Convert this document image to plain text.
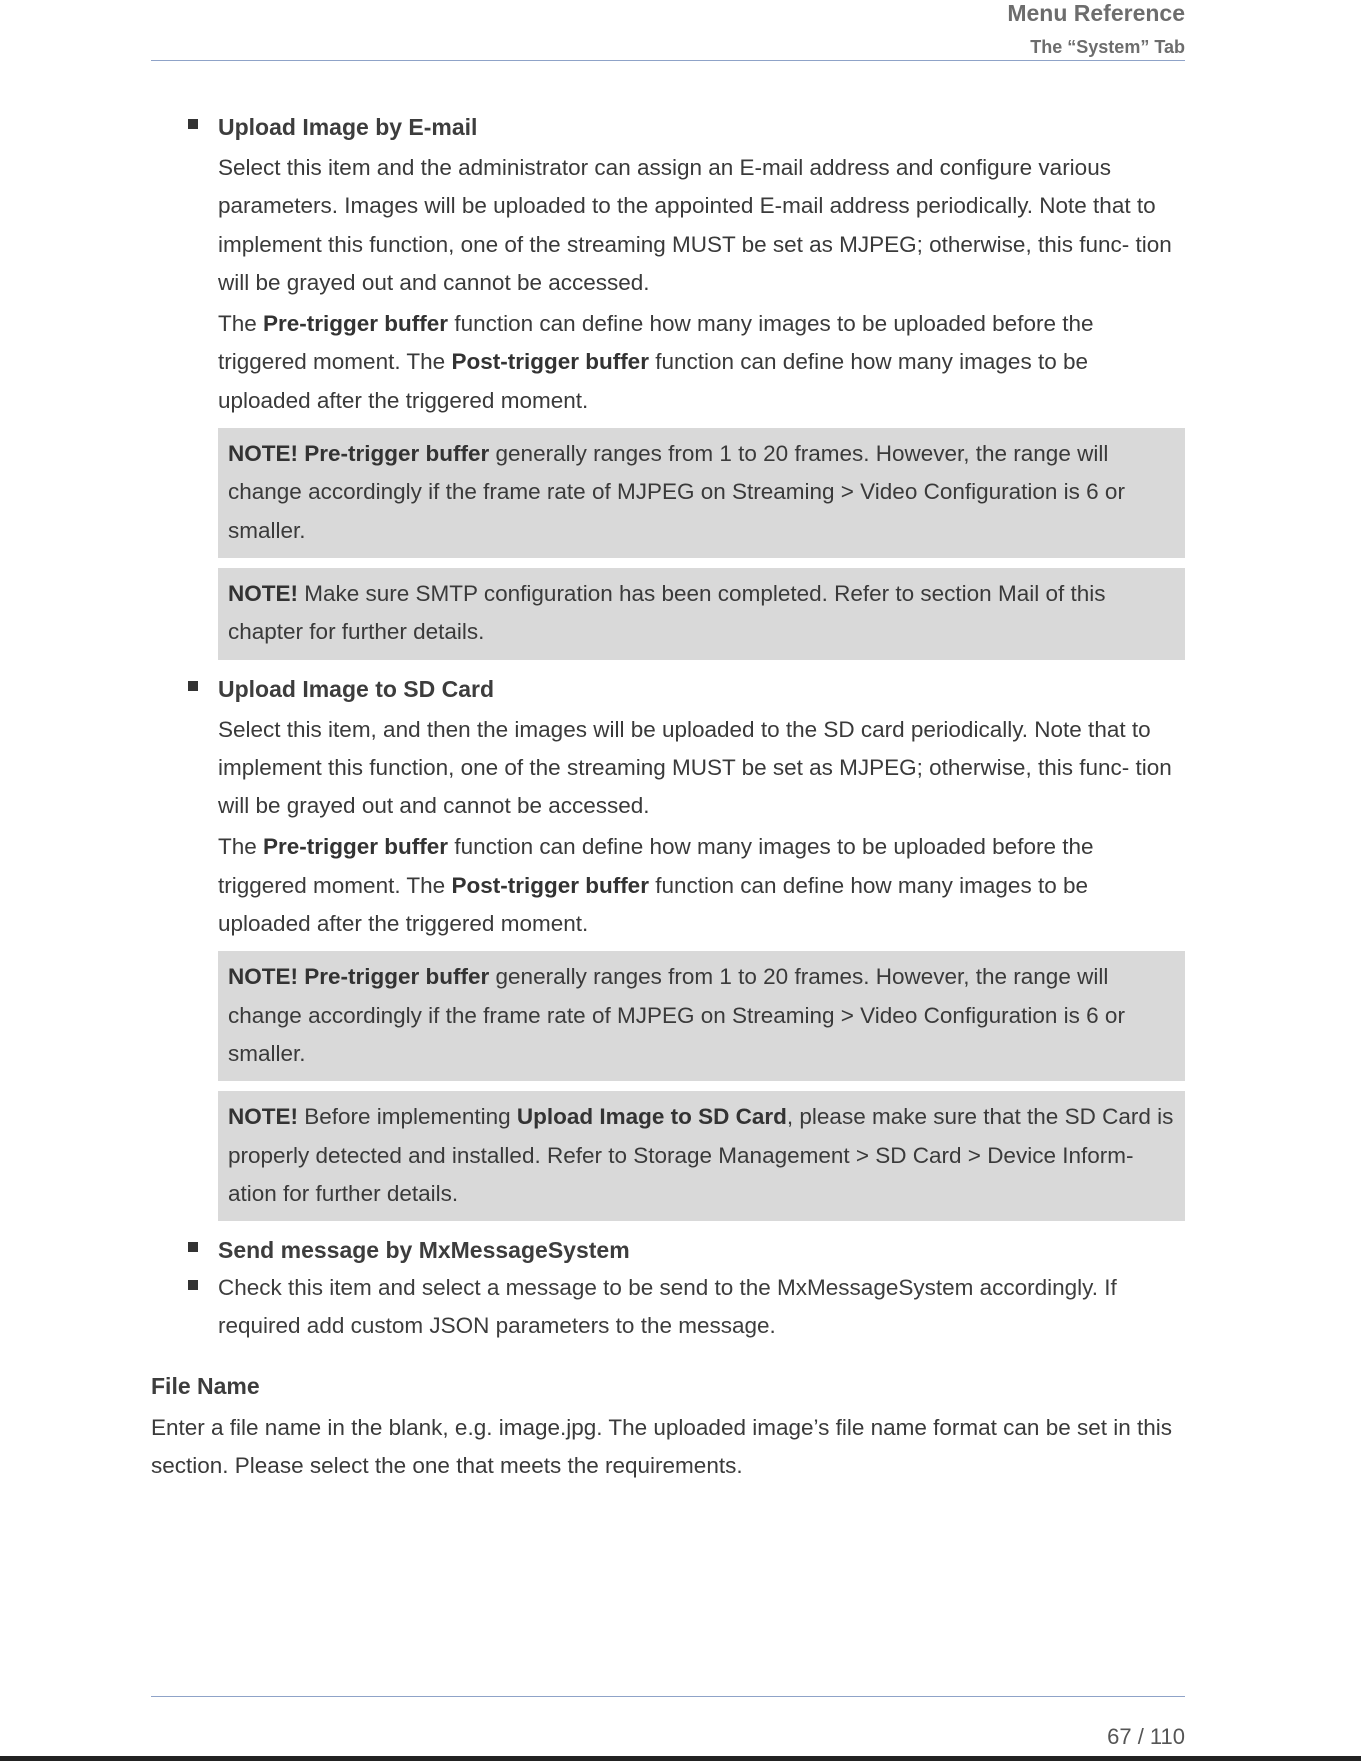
Menu Reference
The “System” Tab
Upload Image by E-mail
Select this item and the administrator can assign an E-mail address and configure various parameters. Images will be uploaded to the appointed E-mail address periodically. Note that to implement this function, one of the streaming MUST be set as MJPEG; otherwise, this func- tion will be grayed out and cannot be accessed.
The Pre-trigger buffer function can define how many images to be uploaded before the triggered moment. The Post-trigger buffer function can define how many images to be uploaded after the triggered moment.
NOTE! Pre-trigger buffer generally ranges from 1 to 20 frames. However, the range will change accordingly if the frame rate of MJPEG on Streaming > Video Configuration is 6 or smaller.
NOTE! Make sure SMTP configuration has been completed. Refer to section Mail of this chapter for further details.
Upload Image to SD Card
Select this item, and then the images will be uploaded to the SD card periodically. Note that to implement this function, one of the streaming MUST be set as MJPEG; otherwise, this func- tion will be grayed out and cannot be accessed.
The Pre-trigger buffer function can define how many images to be uploaded before the triggered moment. The Post-trigger buffer function can define how many images to be uploaded after the triggered moment.
NOTE! Pre-trigger buffer generally ranges from 1 to 20 frames. However, the range will change accordingly if the frame rate of MJPEG on Streaming > Video Configuration is 6 or smaller.
NOTE! Before implementing Upload Image to SD Card, please make sure that the SD Card is properly detected and installed. Refer to Storage Management > SD Card > Device Inform- ation for further details.
Send message by MxMessageSystem
Check this item and select a message to be send to the MxMessageSystem accordingly. If required add custom JSON parameters to the message.
File Name
Enter a file name in the blank, e.g. image.jpg. The uploaded image’s file name format can be set in this section. Please select the one that meets the requirements.
67 / 110
